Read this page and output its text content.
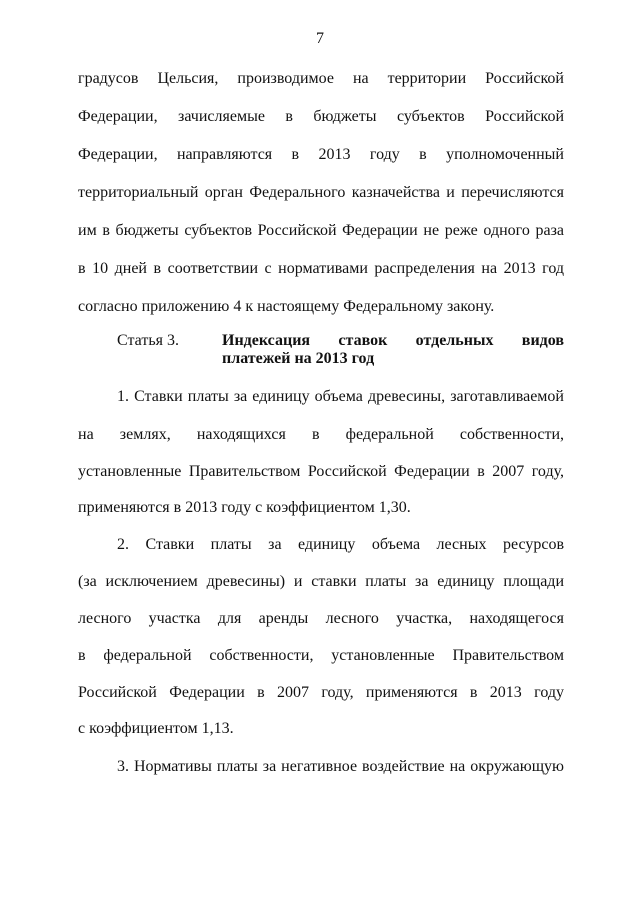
7
градусов Цельсия, производимое на территории Российской
Федерации, зачисляемые в бюджеты субъектов Российской
Федерации, направляются в 2013 году в уполномоченный
территориальный орган Федерального казначейства и перечисляются
им в бюджеты субъектов Российской Федерации не реже одного раза
в 10 дней в соответствии с нормативами распределения на 2013 год
согласно приложению 4 к настоящему Федеральному закону.
Статья 3.	Индексация ставок отдельных видов
платежей на 2013 год
1. Ставки платы за единицу объема древесины, заготавливаемой
на землях, находящихся в федеральной собственности,
установленные Правительством Российской Федерации в 2007 году,
применяются в 2013 году с коэффициентом 1,30.
2. Ставки платы за единицу объема лесных ресурсов
(за исключением древесины) и ставки платы за единицу площади
лесного участка для аренды лесного участка, находящегося
в федеральной собственности, установленные Правительством
Российской Федерации в 2007 году, применяются в 2013 году
с коэффициентом 1,13.
3. Нормативы платы за негативное воздействие на окружающую
